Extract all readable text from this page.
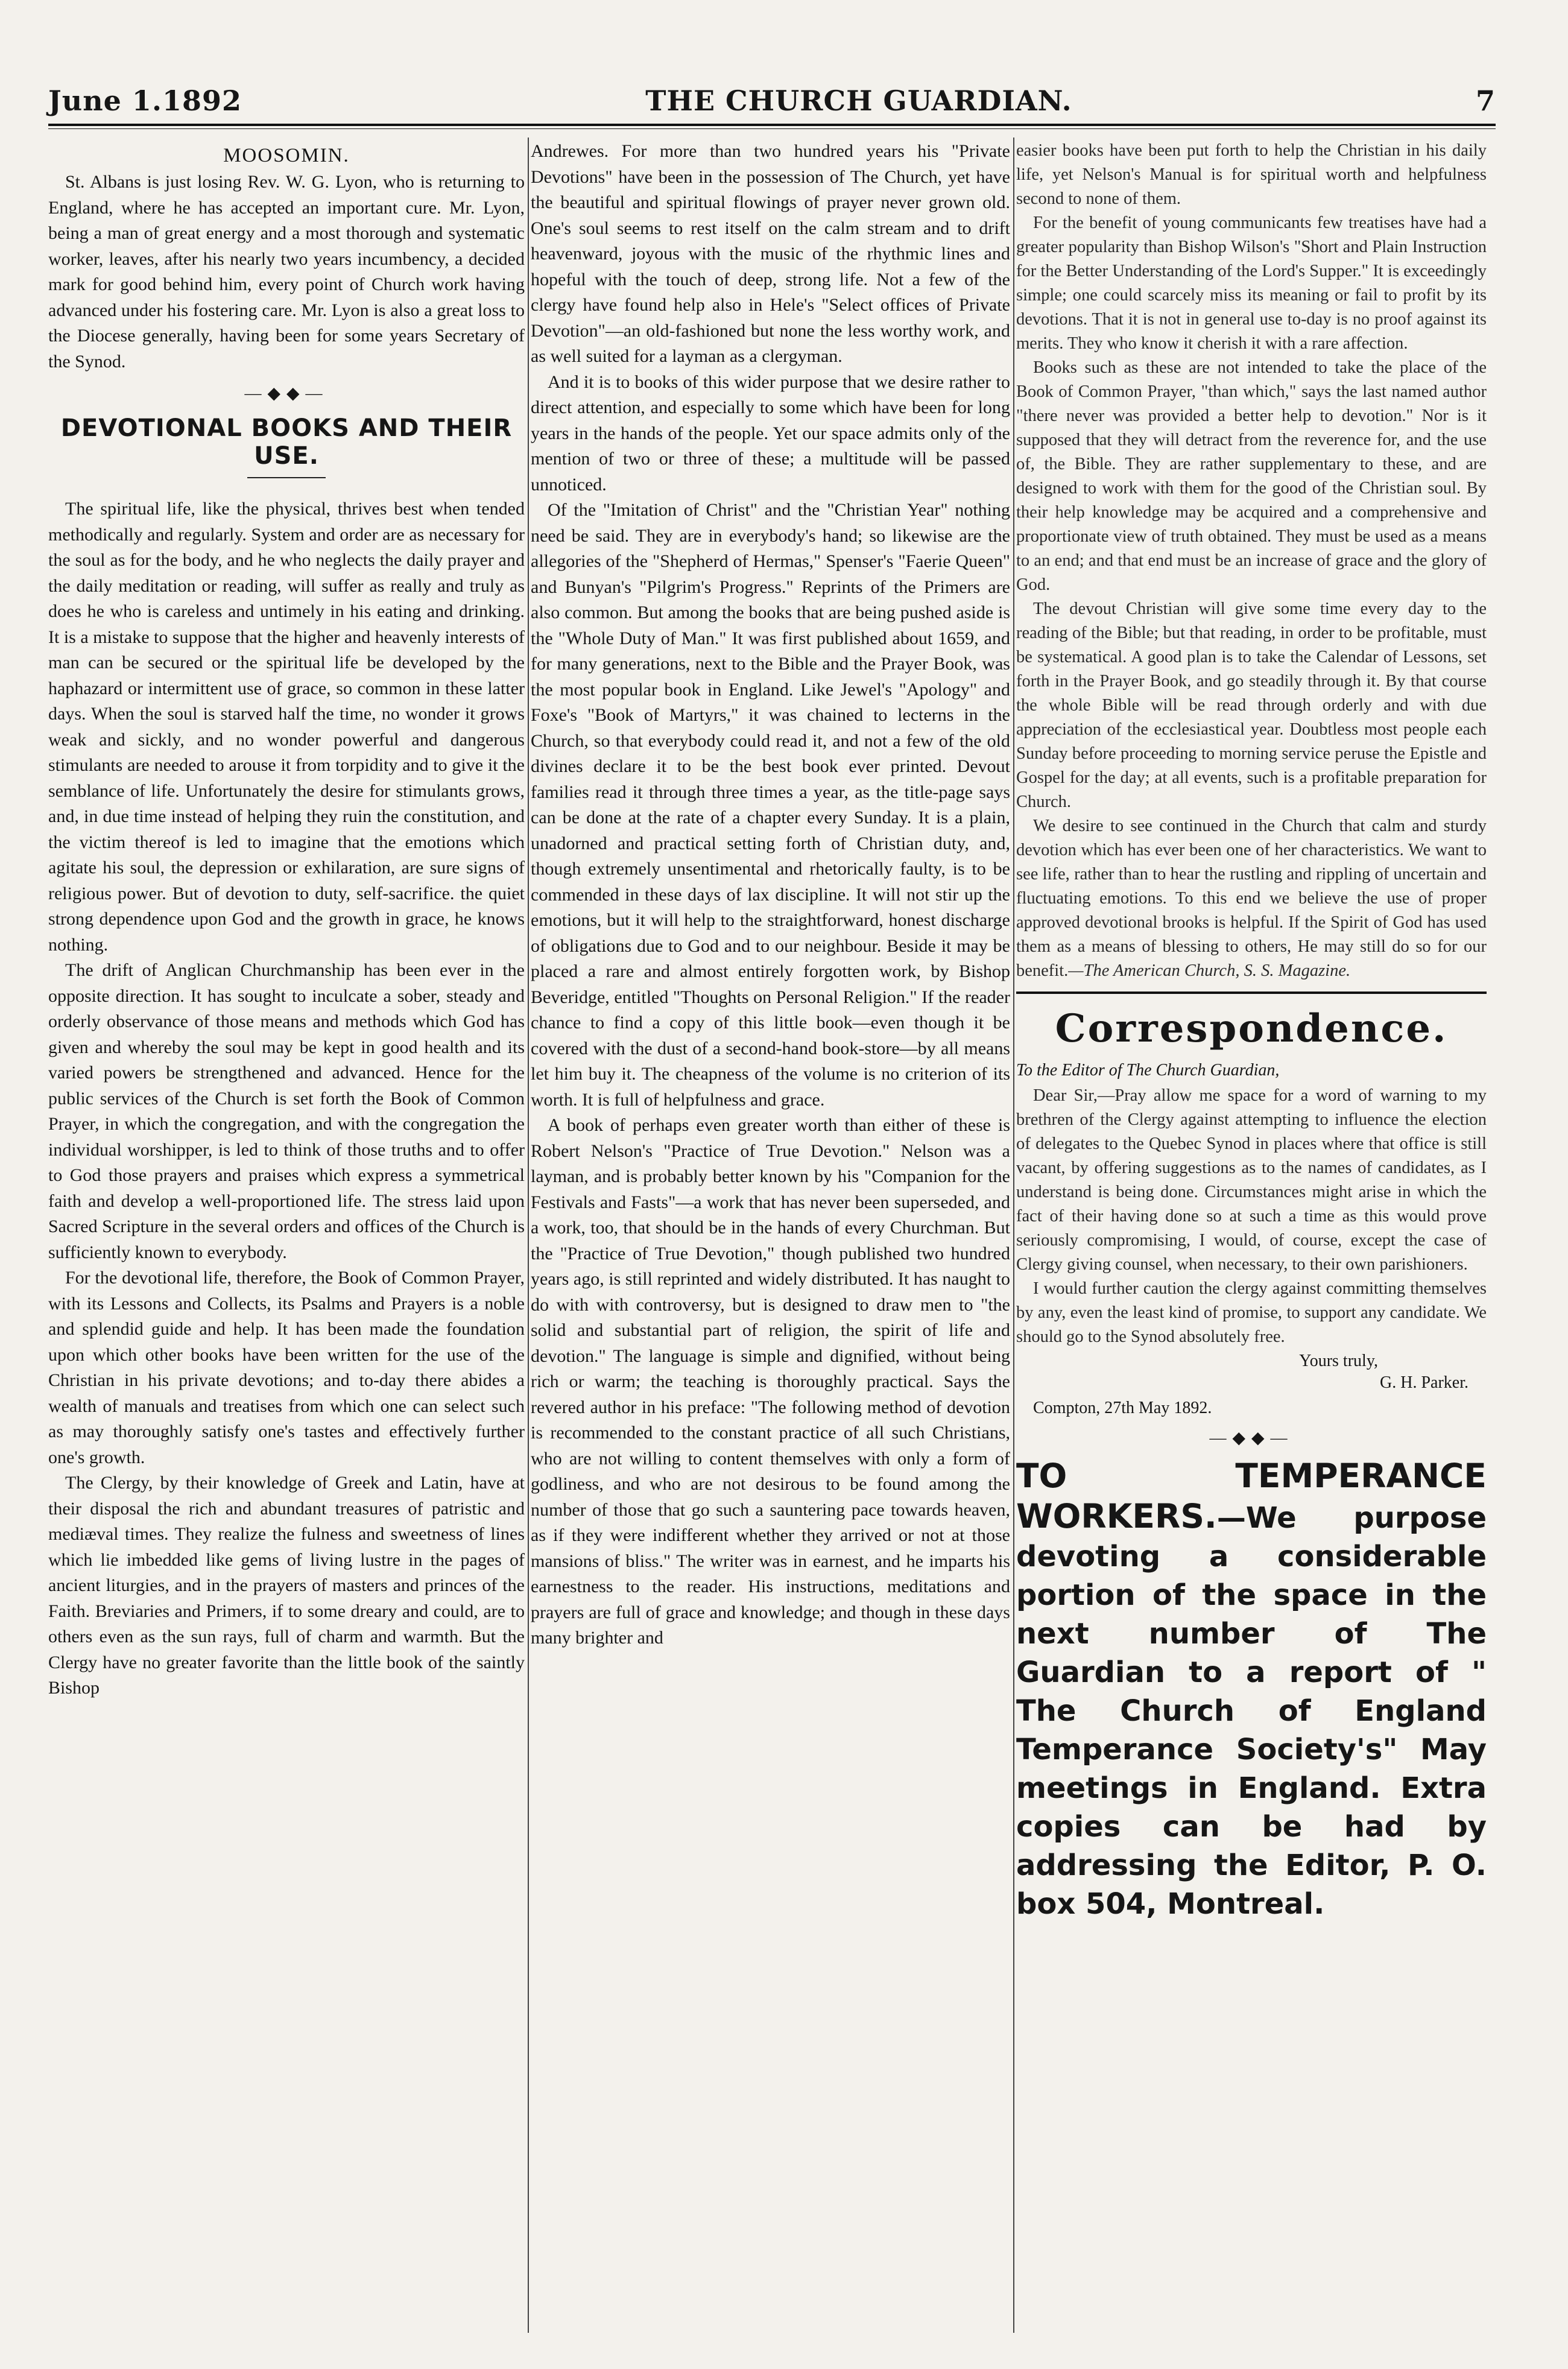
June 1.1892	THE CHURCH GUARDIAN.	7
MOOSOMIN.

St. Albans is just losing Rev. W. G. Lyon, who is returning to England, where he has accepted an important cure. Mr. Lyon, being a man of great energy and a most thorough and systematic worker, leaves, after his nearly two years incumbency, a decided mark for good behind him, every point of Church work having advanced under his fostering care. Mr. Lyon is also a great loss to the Diocese generally, having been for some years Secretary of the Synod.

—◆◆—
DEVOTIONAL BOOKS AND THEIR USE.

The spiritual life, like the physical, thrives best when tended methodically and regularly. System and order are as necessary for the soul as for the body, and he who neglects the daily prayer and the daily meditation or reading, will suffer as really and truly as does he who is careless and untimely in his eating and drinking. It is a mistake to suppose that the higher and heavenly interests of man can be secured or the spiritual life be developed by the haphazard or intermittent use of grace, so common in these latter days. When the soul is starved half the time, no wonder it grows weak and sickly, and no wonder powerful and dangerous stimulants are needed to arouse it from torpidity and to give it the semblance of life. Unfortunately the desire for stimulants grows, and, in due time instead of helping they ruin the constitution, and the victim thereof is led to imagine that the emotions which agitate his soul, the depression or exhilaration, are sure signs of religious power. But of devotion to duty, self-sacrifice. the quiet strong dependence upon God and the growth in grace, he knows nothing.

The drift of Anglican Churchmanship has been ever in the opposite direction. It has sought to inculcate a sober, steady and orderly observance of those means and methods which God has given and whereby the soul may be kept in good health and its varied powers be strengthened and advanced. Hence for the public services of the Church is set forth the Book of Common Prayer, in which the congregation, and with the congregation the individual worshipper, is led to think of those truths and to offer to God those prayers and praises which express a symmetrical faith and develop a well-proportioned life. The stress laid upon Sacred Scripture in the several orders and offices of the Church is sufficiently known to everybody.

For the devotional life, therefore, the Book of Common Prayer, with its Lessons and Collects, its Psalms and Prayers is a noble and splendid guide and help. It has been made the foundation upon which other books have been written for the use of the Christian in his private devotions; and to-day there abides a wealth of manuals and treatises from which one can select such as may thoroughly satisfy one's tastes and effectively further one's growth.

The Clergy, by their knowledge of Greek and Latin, have at their disposal the rich and abundant treasures of patristic and mediæval times. They realize the fulness and sweetness of lines which lie imbedded like gems of living lustre in the pages of ancient liturgies, and in the prayers of masters and princes of the Faith. Breviaries and Primers, if to some dreary and could, are to others even as the sun rays, full of charm and warmth. But the Clergy have no greater favorite than the little book of the saintly Bishop

Andrewes. For more than two hundred years his "Private Devotions" have been in the possession of The Church, yet have the beautiful and spiritual flowings of prayer never grown old. One's soul seems to rest itself on the calm stream and to drift heavenward, joyous with the music of the rhythmic lines and hopeful with the touch of deep, strong life. Not a few of the clergy have found help also in Hele's "Select offices of Private Devotion"—an old-fashioned but none the less worthy work, and as well suited for a layman as a clergyman.

And it is to books of this wider purpose that we desire rather to direct attention, and especially to some which have been for long years in the hands of the people. Yet our space admits only of the mention of two or three of these; a multitude will be passed unnoticed.

Of the "Imitation of Christ" and the "Christian Year" nothing need be said. They are in everybody's hand; so likewise are the allegories of the "Shepherd of Hermas," Spenser's "Faerie Queen" and Bunyan's "Pilgrim's Progress." Reprints of the Primers are also common. But among the books that are being pushed aside is the "Whole Duty of Man." It was first published about 1659, and for many generations, next to the Bible and the Prayer Book, was the most popular book in England. Like Jewel's "Apology" and Foxe's "Book of Martyrs," it was chained to lecterns in the Church, so that everybody could read it, and not a few of the old divines declare it to be the best book ever printed. Devout families read it through three times a year, as the title-page says can be done at the rate of a chapter every Sunday. It is a plain, unadorned and practical setting forth of Christian duty, and, though extremely unsentimental and rhetorically faulty, is to be commended in these days of lax discipline. It will not stir up the emotions, but it will help to the straightforward, honest discharge of obligations due to God and to our neighbour. Beside it may be placed a rare and almost entirely forgotten work, by Bishop Beveridge, entitled "Thoughts on Personal Religion." If the reader chance to find a copy of this little book—even though it be covered with the dust of a second-hand book-store—by all means let him buy it. The cheapness of the volume is no criterion of its worth. It is full of helpfulness and grace.

A book of perhaps even greater worth than either of these is Robert Nelson's "Practice of True Devotion." Nelson was a layman, and is probably better known by his "Companion for the Festivals and Fasts"—a work that has never been superseded, and a work, too, that should be in the hands of every Churchman. But the "Practice of True Devotion," though published two hundred years ago, is still reprinted and widely distributed. It has naught to do with with controversy, but is designed to draw men to "the solid and substantial part of religion, the spirit of life and devotion." The language is simple and dignified, without being rich or warm; the teaching is thoroughly practical. Says the revered author in his preface: "The following method of devotion is recommended to the constant practice of all such Christians, who are not willing to content themselves with only a form of godliness, and who are not desirous to be found among the number of those that go such a sauntering pace towards heaven, as if they were indifferent whether they arrived or not at those mansions of bliss." The writer was in earnest, and he imparts his earnestness to the reader. His instructions, meditations and prayers are full of grace and knowledge; and though in these days many brighter and

easier books have been put forth to help the Christian in his daily life, yet Nelson's Manual is for spiritual worth and helpfulness second to none of them.

For the benefit of young communicants few treatises have had a greater popularity than Bishop Wilson's "Short and Plain Instruction for the Better Understanding of the Lord's Supper." It is exceedingly simple; one could scarcely miss its meaning or fail to profit by its devotions. That it is not in general use to-day is no proof against its merits. They who know it cherish it with a rare affection.

Books such as these are not intended to take the place of the Book of Common Prayer, "than which," says the last named author "there never was provided a better help to devotion." Nor is it supposed that they will detract from the reverence for, and the use of, the Bible. They are rather supplementary to these, and are designed to work with them for the good of the Christian soul. By their help knowledge may be acquired and a comprehensive and proportionate view of truth obtained. They must be used as a means to an end; and that end must be an increase of grace and the glory of God.

The devout Christian will give some time every day to the reading of the Bible; but that reading, in order to be profitable, must be systematical. A good plan is to take the Calendar of Lessons, set forth in the Prayer Book, and go steadily through it. By that course the whole Bible will be read through orderly and with due appreciation of the ecclesiastical year. Doubtless most people each Sunday before proceeding to morning service peruse the Epistle and Gospel for the day; at all events, such is a profitable preparation for Church.

We desire to see continued in the Church that calm and sturdy devotion which has ever been one of her characteristics. We want to see life, rather than to hear the rustling and rippling of uncertain and fluctuating emotions. To this end we believe the use of proper approved devotional brooks is helpful. If the Spirit of God has used them as a means of blessing to others, He may still do so for our benefit.—The American Church, S. S. Magazine.

Correspondence.
To the Editor of The Church Guardian,

Dear Sir,—Pray allow me space for a word of warning to my brethren of the Clergy against attempting to influence the election of delegates to the Quebec Synod in places where that office is still vacant, by offering suggestions as to the names of candidates, as I understand is being done. Circumstances might arise in which the fact of their having done so at such a time as this would prove seriously compromising, I would, of course, except the case of Clergy giving counsel, when necessary, to their own parishioners.

I would further caution the clergy against committing themselves by any, even the least kind of promise, to support any candidate. We should go to the Synod absolutely free.

Yours truly,
G. H. Parker.
Compton, 27th May 1892.
—◆◆—

TO TEMPERANCE WORKERS.—We purpose devoting a considerable portion of the space in the next number of The Guardian to a report of " The Church of England Temperance Society's" May meetings in England. Extra copies can be had by addressing the Editor, P. O. box 504, Montreal.
